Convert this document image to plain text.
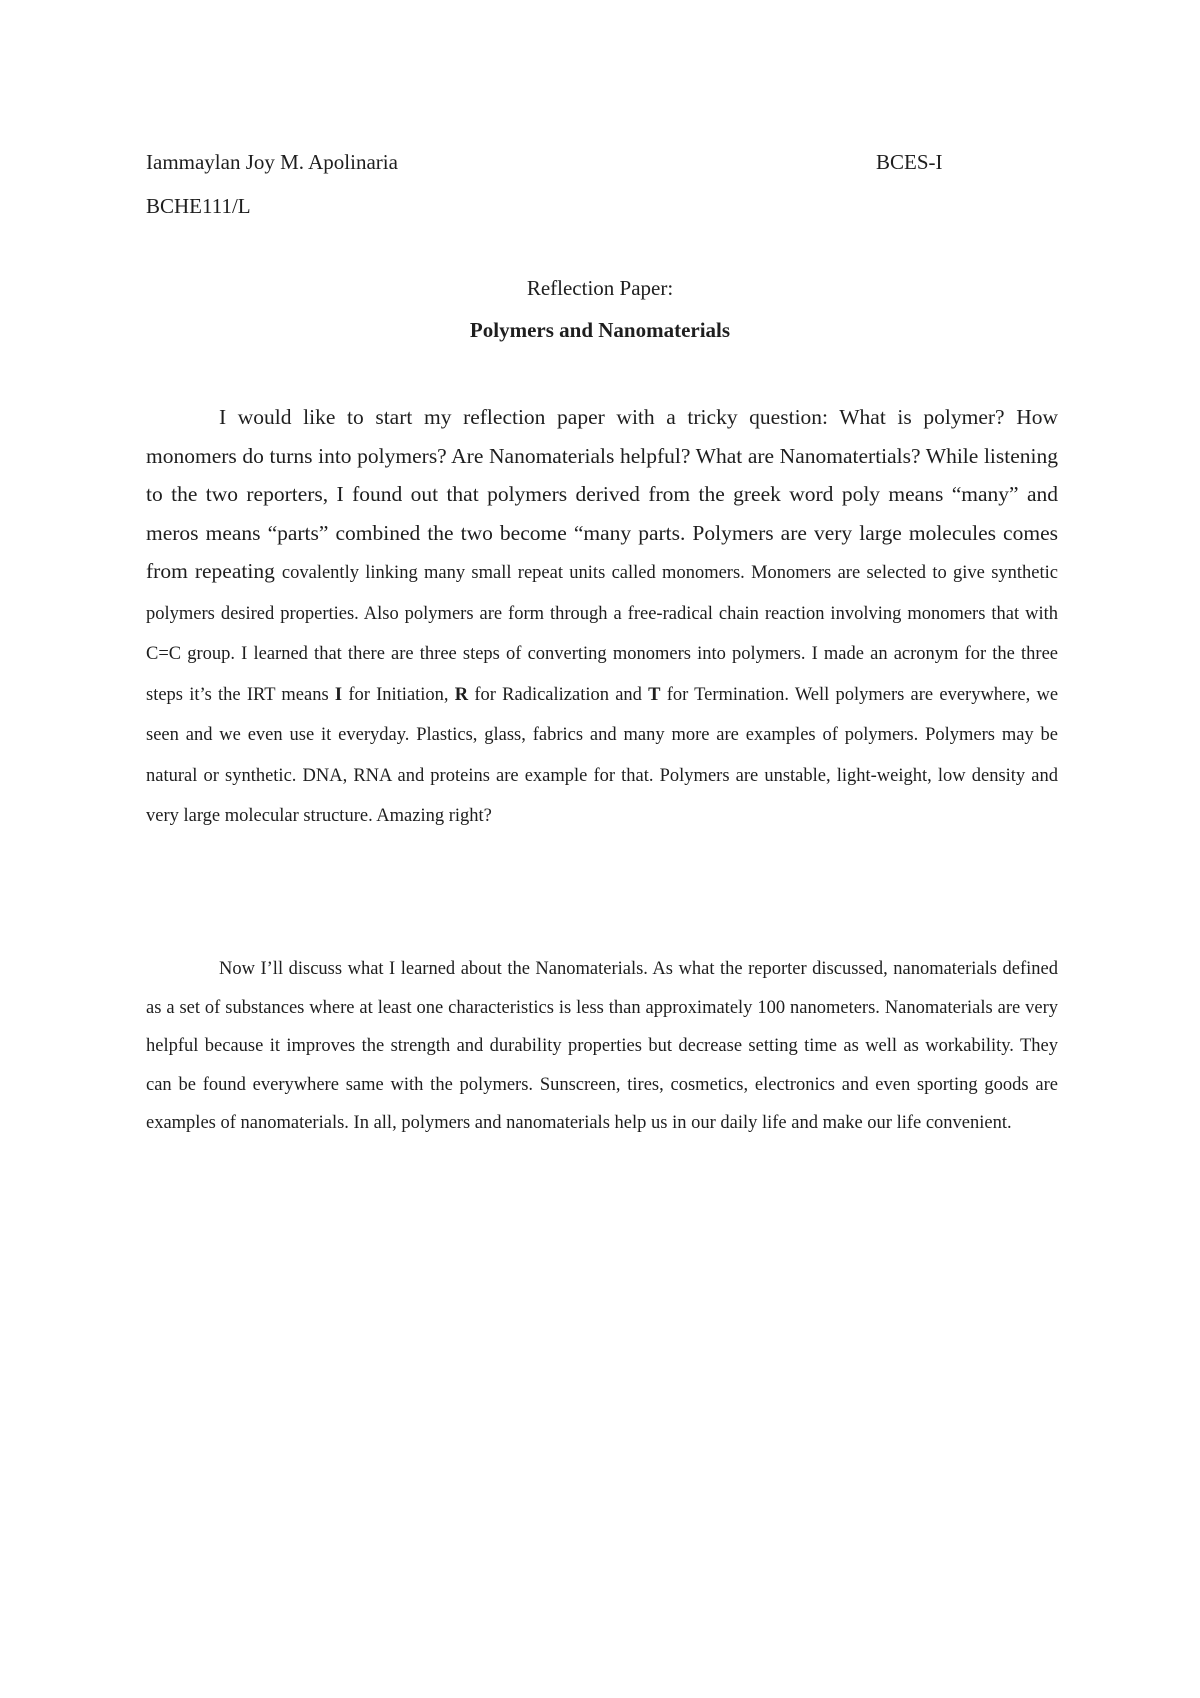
Iammaylan Joy M. Apolinaria	BCES-I
BCHE111/L
Reflection Paper:
Polymers and Nanomaterials

I would like to start my reflection paper with a tricky question: What is polymer? How monomers do turns into polymers? Are Nanomaterials helpful? What are Nanomatertials? While listening to the two reporters, I found out that polymers derived from the greek word poly means “many” and meros means “parts” combined the two become “many parts. Polymers are very large molecules comes from repeating covalently linking many small repeat units called monomers. Monomers are selected to give synthetic polymers desired properties. Also polymers are form through a free-radical chain reaction involving monomers that with C=C group. I learned that there are three steps of converting monomers into polymers. I made an acronym for the three steps it’s the IRT means I for Initiation, R for Radicalization and T for Termination. Well polymers are everywhere, we seen and we even use it everyday. Plastics, glass, fabrics and many more are examples of polymers. Polymers may be natural or synthetic. DNA, RNA and proteins are example for that. Polymers are unstable, light-weight, low density and very large molecular structure. Amazing right?

Now I’ll discuss what I learned about the Nanomaterials. As what the reporter discussed, nanomaterials defined as a set of substances where at least one characteristics is less than approximately 100 nanometers. Nanomaterials are very helpful because it improves the strength and durability properties but decrease setting time as well as workability. They can be found everywhere same with the polymers. Sunscreen, tires, cosmetics, electronics and even sporting goods are examples of nanomaterials. In all, polymers and nanomaterials help us in our daily life and make our life convenient.
